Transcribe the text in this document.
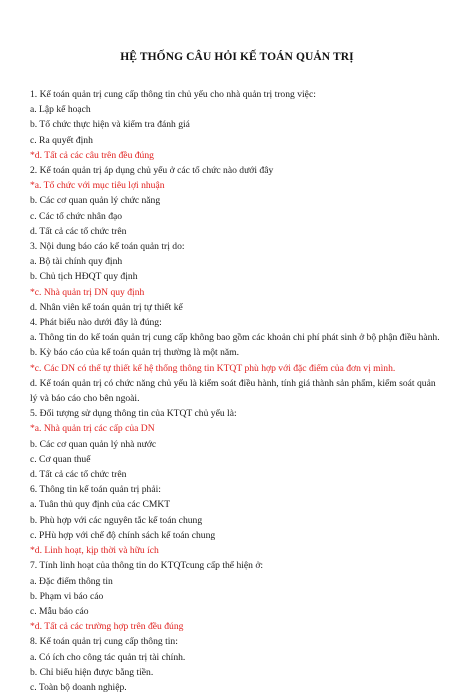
HỆ THỐNG CÂU HỎI KẾ TOÁN QUẢN TRỊ
1. Kế toán quản trị cung cấp thông tin chủ yếu cho nhà quản trị trong việc:
a. Lập kế hoạch
b. Tổ chức thực hiện và kiểm tra đánh giá
c. Ra quyết định
*d. Tất cả các câu trên đều đúng
2. Kế toán quản trị áp dụng chủ yếu ở các tổ chức nào dưới đây
*a. Tổ chức với mục tiêu lợi nhuận
b. Các cơ quan quản lý chức năng
c. Các tổ chức nhân đạo
d. Tất cả các tổ chức trên
3. Nội dung báo cáo kế toán quản trị do:
a. Bộ tài chính quy định
b. Chủ tịch HĐQT quy định
*c. Nhà quản trị DN quy định
d. Nhân viên kế toán quản trị tự thiết kế
4. Phát biểu nào dưới đây là đúng:
a. Thông tin do kế toán quản trị cung cấp không bao gồm các khoản chi phí phát sinh ở bộ phận điều hành.
b. Kỳ báo cáo của kế toán quản trị thường là một năm.
*c. Các DN có thể tự thiết kế hệ thống thông tin KTQT phù hợp với đặc điểm của đơn vị mình.
d. Kế toán quản trị có chức năng chủ yếu là kiểm soát điều hành, tính giá thành sản phẩm, kiểm soát quản lý và báo cáo cho bên ngoài.
5. Đối tượng sử dụng thông tin của KTQT chủ yếu là:
*a. Nhà quản trị các cấp của DN
b. Các cơ quan quản lý nhà nước
c. Cơ quan thuế
d. Tất cả các tổ chức trên
6. Thông tin kế toán quản trị phải:
a. Tuân thủ quy định của các CMKT
b. Phù hợp với các nguyên tắc kế toán chung
c. PHù hợp với chế độ chính sách kế toán chung
*d. Linh hoạt, kịp thời và hữu ích
7. Tính linh hoạt của thông tin do KTQTcung cấp thể hiện ở:
a. Đặc điểm thông tin
b. Phạm vi báo cáo
c. Mẫu báo cáo
*d. Tất cả các trường hợp trên đều đúng
8. Kế toán quản trị cung cấp thông tin:
a. Có ích cho công tác quản trị tài chính.
b. Chỉ biểu hiện được bằng tiền.
c. Toàn bộ doanh nghiệp.
